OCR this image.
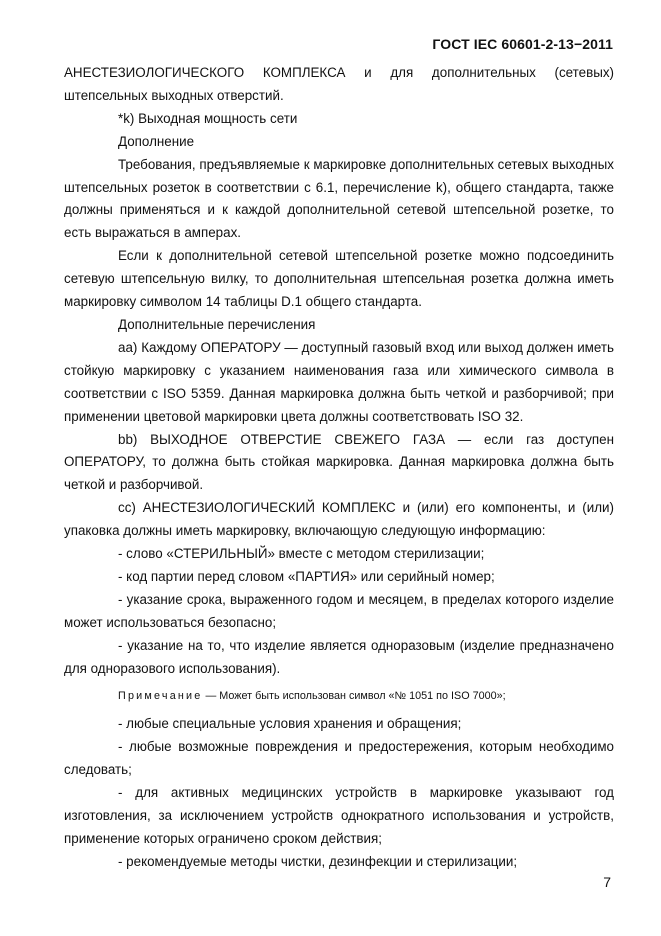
ГОСТ IEC 60601-2-13−2011

АНЕСТЕЗИОЛОГИЧЕСКОГО КОМПЛЕКСА и для дополнительных (сетевых) штепсельных выходных отверстий.

*k) Выходная мощность сети

Дополнение

Требования, предъявляемые к маркировке дополнительных сетевых выходных штепсельных розеток в соответствии с 6.1, перечисление k), общего стандарта, также должны применяться и к каждой дополнительной сетевой штепсельной розетке, то есть выражаться в амперах.

Если к дополнительной сетевой штепсельной розетке можно подсоединить сетевую штепсельную вилку, то дополнительная штепсельная розетка должна иметь маркировку символом 14 таблицы D.1 общего стандарта.

Дополнительные перечисления

aa) Каждому ОПЕРАТОРУ — доступный газовый вход или выход должен иметь стойкую маркировку с указанием наименования газа или химического символа в соответствии с ISO 5359. Данная маркировка должна быть четкой и разборчивой; при применении цветовой маркировки цвета должны соответствовать ISO 32.

bb) ВЫХОДНОЕ ОТВЕРСТИЕ СВЕЖЕГО ГАЗА — если газ доступен ОПЕРАТОРУ, то должна быть стойкая маркировка. Данная маркировка должна быть четкой и разборчивой.

сс) АНЕСТЕЗИОЛОГИЧЕСКИЙ КОМПЛЕКС и (или) его компоненты, и (или) упаковка должны иметь маркировку, включающую следующую информацию:

- слово «СТЕРИЛЬНЫЙ» вместе с методом стерилизации;

- код партии перед словом «ПАРТИЯ» или серийный номер;

- указание срока, выраженного годом и месяцем, в пределах которого изделие может использоваться безопасно;

- указание на то, что изделие является одноразовым (изделие предназначено для одноразового использования).

Примечание — Может быть использован символ «№ 1051 по ISO 7000»;

- любые специальные условия хранения и обращения;

- любые возможные повреждения и предостережения, которым необходимо следовать;

- для активных медицинских устройств в маркировке указывают год изготовления, за исключением устройств однократного использования и устройств, применение которых ограничено сроком действия;

- рекомендуемые методы чистки, дезинфекции и стерилизации;

7
